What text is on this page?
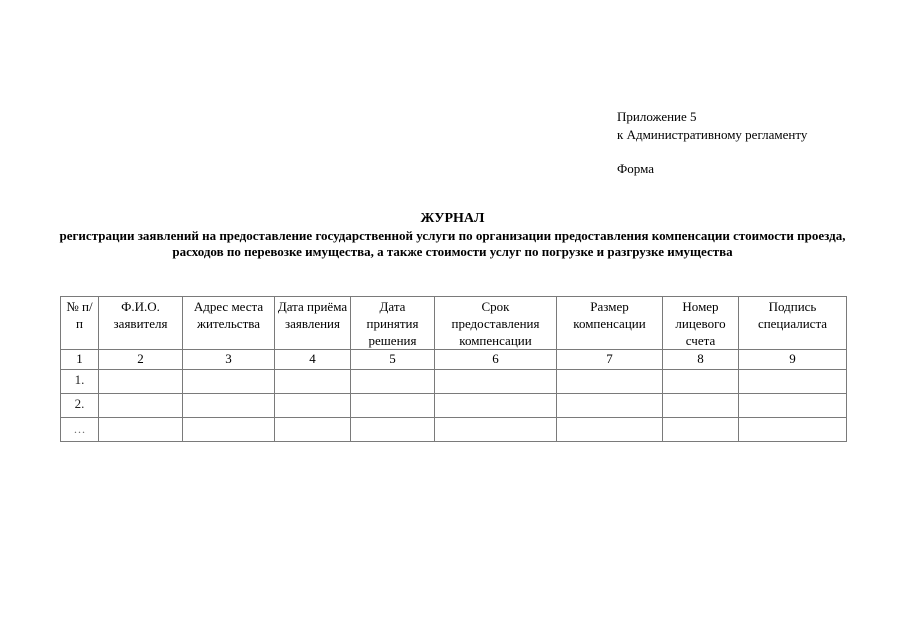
Приложение 5
к Административному регламенту
Форма
ЖУРНАЛ
регистрации заявлений на предоставление государственной услуги по организации предоставления компенсации стоимости проезда, расходов по перевозке имущества, а также стоимости услуг по погрузке и разгрузке имущества
№ п/п	Ф.И.О. заявителя	Адрес места жительства	Дата приёма заявления	Дата принятия решения	Срок предоставления компенсации	Размер компенсации	Номер лицевого счета	Подпись специалиста
1	2	3	4	5	6	7	8	9
1.								
2.								
…								
